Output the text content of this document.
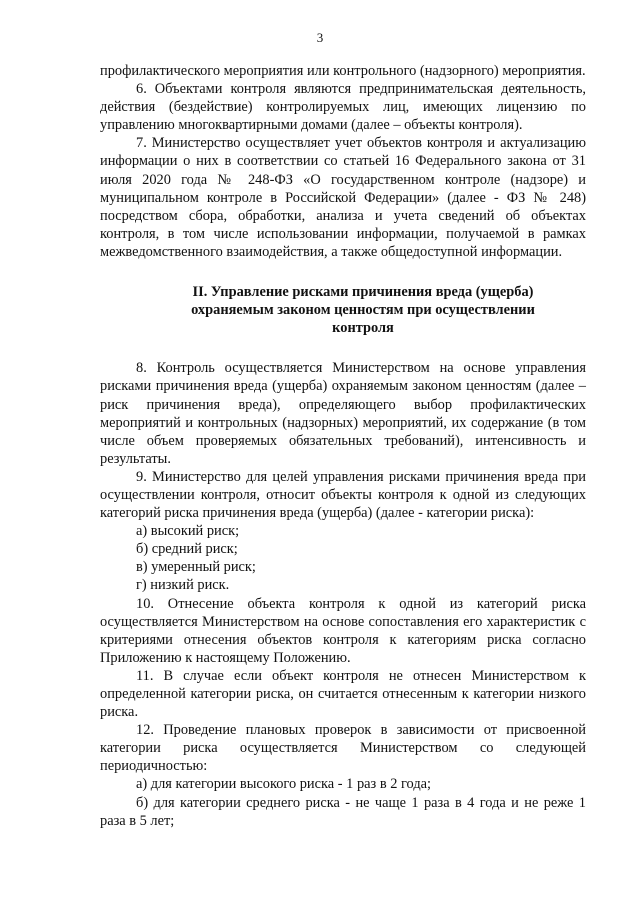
3

профилактического мероприятия или контрольного (надзорного) мероприятия.

6. Объектами контроля являются предпринимательская деятельность, действия (бездействие) контролируемых лиц, имеющих лицензию по управлению многоквартирными домами (далее – объекты контроля).

7. Министерство осуществляет учет объектов контроля и актуализацию информации о них в соответствии со статьей 16 Федерального закона от 31 июля 2020 года № 248-ФЗ «О государственном контроле (надзоре) и муниципальном контроле в Российской Федерации» (далее - ФЗ № 248) посредством сбора, обработки, анализа и учета сведений об объектах контроля, в том числе использовании информации, получаемой в рамках межведомственного взаимодействия, а также общедоступной информации.

II. Управление рисками причинения вреда (ущерба)
охраняемым законом ценностям при осуществлении
контроля

8. Контроль осуществляется Министерством на основе управления рисками причинения вреда (ущерба) охраняемым законом ценностям (далее – риск причинения вреда), определяющего выбор профилактических мероприятий и контрольных (надзорных) мероприятий, их содержание (в том числе объем проверяемых обязательных требований), интенсивность и результаты.

9. Министерство для целей управления рисками причинения вреда при осуществлении контроля, относит объекты контроля к одной из следующих категорий риска причинения вреда (ущерба) (далее - категории риска):

а) высокий риск;

б) средний риск;

в) умеренный риск;

г) низкий риск.

10. Отнесение объекта контроля к одной из категорий риска осуществляется Министерством на основе сопоставления его характеристик с критериями отнесения объектов контроля к категориям риска согласно Приложению к настоящему Положению.

11. В случае если объект контроля не отнесен Министерством к определенной категории риска, он считается отнесенным к категории низкого риска.

12. Проведение плановых проверок в зависимости от присвоенной категории риска осуществляется Министерством со следующей периодичностью:

а) для категории высокого риска - 1 раз в 2 года;

б) для категории среднего риска - не чаще 1 раза в 4 года и не реже 1 раза в 5 лет;
